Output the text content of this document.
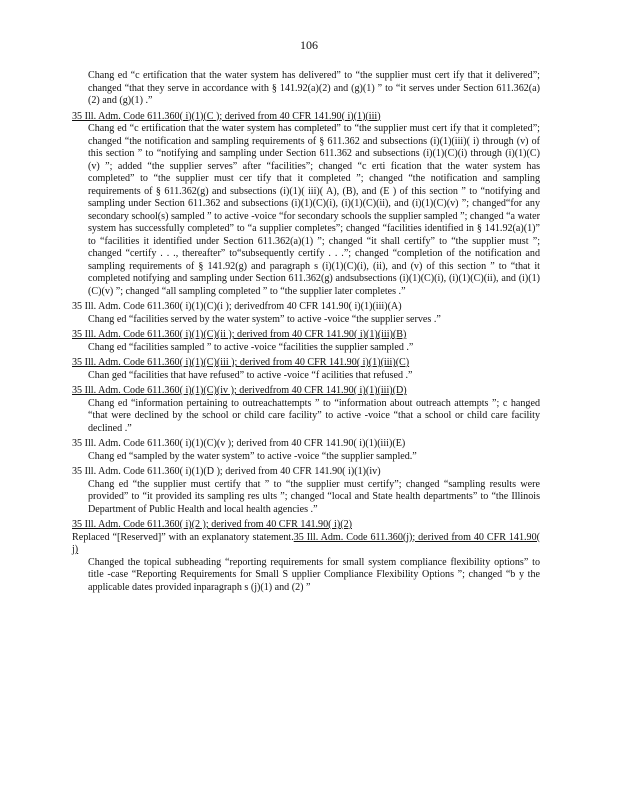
106
Chang ed “c ertification that the water system has delivered” to “the supplier must cert ify that it delivered”; changed “that they serve in accordance with § 141.92(a)(2) and (g)(1) ” to “it serves under Section 611.362(a)(2) and (g)(1) .”
35 Ill. Adm. Code 611.360( i)(1)(C ); derived from 40 CFR 141.90( i)(1)(iii)
Chang ed “c ertification that the water system has completed” to “the supplier must cert ify that it completed”; changed “the notification and sampling requirements of § 611.362 and subsections (i)(1)(iii)( i) through (v) of this section ” to “notifying and sampling under Section 611.362 and subsections (i)(1)(C)(i) through (i)(1)(C)(v) ”; added “the supplier serves” after “facilities”; changed “c erti fication that the water system has completed” to “the supplier must cer tify that it completed ”; changed “the notification and sampling requirements of § 611.362(g) and subsections (i)(1)( iii)( A), (B), and (E ) of this section ” to “notifying and sampling under Section 611.362 and subsections (i)(1)(C)(i), (i)(1)(C)(ii), and (i)(1)(C)(v) ”; changed“for any secondary school(s) sampled ” to active -voice “for secondary schools the supplier sampled ”; changed “a water system has successfully completed” to “a supplier completes”; changed “facilities identified in § 141.92(a)(1)” to “facilities it identified under Section 611.362(a)(1) ”; changed “it shall certify” to “the supplier must ”; changed “certify . . ., thereafter” to“subsequently certify . . .”; changed “completion of the notification and sampling requirements of § 141.92(g) and paragraph s (i)(1)(C)(i), (ii), and (v) of this section ” to “that it completed notifying and sampling under Section 611.362(g) andsubsections (i)(1)(C)(i), (i)(1)(C)(ii), and (i)(1)(C)(v) ”; changed “all sampling completed ” to “the supplier later completes .”
35 Ill. Adm. Code 611.360( i)(1)(C)(i ); derivedfrom 40 CFR 141.90( i)(1)(iii)(A)
Chang ed “facilities served by the water system” to active -voice “the supplier serves .”
35 Ill. Adm. Code 611.360( i)(1)(C)(ii ); derived from 40 CFR 141.90( i)(1)(iii)(B)
Chang ed “facilities sampled ” to active -voice “facilities the supplier sampled .”
35 Ill. Adm. Code 611.360( i)(1)(C)(iii ); derived from 40 CFR 141.90( i)(1)(iii)(C)
Chan ged “facilities that have refused” to active -voice “f acilities that refused .”
35 Ill. Adm. Code 611.360( i)(1)(C)(iv ); derivedfrom 40 CFR 141.90( i)(1)(iii)(D)
Chang ed “information pertaining to outreachattempts ” to “information about outreach attempts ”; c hanged “that were declined by the school or child care facility” to active -voice “that a school or child care facility declined .”
35 Ill. Adm. Code 611.360( i)(1)(C)(v ); derived from 40 CFR 141.90( i)(1)(iii)(E)
Chang ed “sampled by the water system” to active -voice “the supplier sampled.”
35 Ill. Adm. Code 611.360( i)(1)(D ); derived from 40 CFR 141.90( i)(1)(iv)
Chang ed “the supplier must certify that ” to “the supplier must certify”; changed “sampling results were provided” to “it provided its sampling res ults ”; changed “local and State health departments” to “the Illinois Department of Public Health and local health agencies .”
35 Ill. Adm. Code 611.360( i)(2 ); derived from 40 CFR 141.90( i)(2)
Replaced “[Reserved]” with an explanatory statement.35 Ill. Adm. Code 611.360(j); derived from 40 CFR 141.90( j)
Changed the topical subheading “reporting requirements for small system compliance flexibility options” to title -case “Reporting Requirements for Small S upplier Compliance Flexibility Options ”; changed “b y the applicable dates provided inparagraph s (j)(1) and (2) ”
